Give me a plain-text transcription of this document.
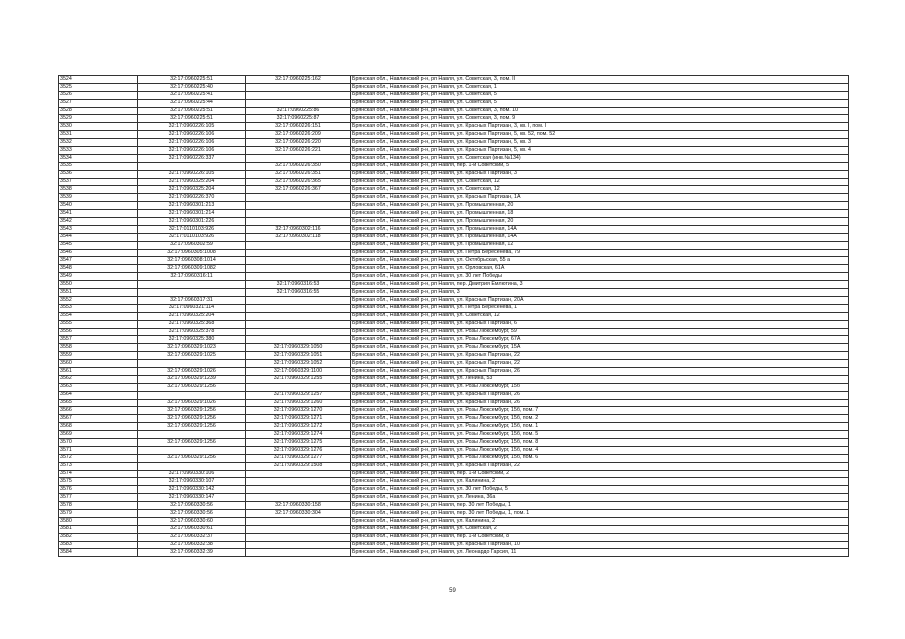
3524	32:17:0960225:51	32:17:0960225:162	Брянская обл., Навлинский р-н, рп Навля, ул. Советская, 3, пом. II
3525	32:17:0960225:40		Брянская обл., Навлинский р-н, рп Навля, ул. Советская, 1
3526	32:17:0960225:41		Брянская обл., Навлинский р-н, рп Навля, ул. Советская, 5
3527	32:17:0960225:44		Брянская обл., Навлинский р-н, рп Навля, ул. Советская, 5
3528	32:17:0960225:51	32:17:0960225:86	Брянская обл., Навлинский р-н, рп Навля, ул. Советская, 3, пом. 10
3529	32:17:0960225:51	32:17:0960225:87	Брянская обл., Навлинский р-н, рп Навля, ул. Советская, 3, пом. 9
3530	32:17:0960226:105	32:17:0960226:151	Брянская обл., Навлинский р-н, рп Навля, ул. Красных Партизан, 3, кв. I, пом. I
3531	32:17:0960226:106	32:17:0960226:209	Брянская обл., Навлинский р-н, рп Навля, ул. Красных Партизан, 5, кв. 52, пом. 52
3532	32:17:0960226:106	32:17:0960226:220	Брянская обл., Навлинский р-н, рп Навля, ул. Красных Партизан, 5, кв. 3
3533	32:17:0960226:106	32:17:0960226:221	Брянская обл., Навлинский р-н, рп Навля, ул. Красных Партизан, 5, кв. 4
3534	32:17:0960226:337		Брянская обл., Навлинский р-н, рп Навля, ул. Советская (инв.№134)
3535		32:17:0960226:350	Брянская обл., Навлинский р-н, рп Навля, пер. 1-й Советский, 5
3536	32:17:0960226:105	32:17:0960226:351	Брянская обл., Навлинский р-н, рп Навля, ул. Красных Партизан, 3
3537	32:17:0960325:204	32:17:0960226:365	Брянская обл., Навлинский р-н, рп Навля, ул. Советская, 12
3538	32:17:0960325:204	32:17:0960226:367	Брянская обл., Навлинский р-н, рп Навля, ул. Советская, 12
3539	32:17:0960226:370		Брянская обл., Навлинский р-н, рп Навля, ул. Красных Партизан, 1А
3540	32:17:0960301:213		Брянская обл., Навлинский р-н, рп Навля, ул. Промышленная, 20
3541	32:17:0960301:214		Брянская обл., Навлинский р-н, рп Навля, ул. Промышленная, 18
3542	32:17:0960301:226		Брянская обл., Навлинский р-н, рп Навля, ул. Промышленная, 20
3543	32:17:0110103:926	32:17:0960302:116	Брянская обл., Навлинский р-н, рп Навля, ул. Промышленная, 14А
3544	32:17:0110103:926	32:17:0960302:118	Брянская обл., Навлинский р-н, рп Навля, ул. Промышленная, 14А
3545	32:17:0960302:59		Брянская обл., Навлинский р-н, рп Навля, ул. Промышленная, 12
3546	32:17:0960305:1008		Брянская обл., Навлинский р-н, рп Навля, ул. Петра Бересенева, 79
3547	32:17:0960308:1014		Брянская обл., Навлинский р-н, рп Навля, ул. Октябрьская, 55 а
3548	32:17:0960309:1082		Брянская обл., Навлинский р-н, рп Навля, ул. Орловская, 61А
3549	32:17:0960316:11		Брянская обл., Навлинский р-н, рп Навля, ул. 30 лет Победы
3550		32:17:0960316:53	Брянская обл., Навлинский р-н, рп Навля, пер. Дмитрия Емлютина, 3
3551		32:17:0960316:55	Брянская обл., Навлинский р-н, рп Навля, 3
3552	32:17:0960317:31		Брянская обл., Навлинский р-н, рп Навля, ул. Красных Партизан, 20А
3553	32:17:0960321:114		Брянская обл., Навлинский р-н, рп Навля, ул. Петра Бересенева, 1
3554	32:17:0960325:204		Брянская обл., Навлинский р-н, рп Навля, ул. Советская, 12
3555	32:17:0960325:368		Брянская обл., Навлинский р-н, рп Навля, ул. Красных Партизан, 6
3556	32:17:0960325:378		Брянская обл., Навлинский р-н, рп Навля, ул. Розы Люксембург, 59
3557	32:17:0960325:380		Брянская обл., Навлинский р-н, рп Навля, ул. Розы Люксембург, 67А
3558	32:17:0960329:1023	32:17:0960329:1050	Брянская обл., Навлинский р-н, рп Навля, ул. Розы Люксембург, 15А
3559	32:17:0960329:1025	32:17:0960329:1051	Брянская обл., Навлинский р-н, рп Навля, ул. Красных Партизан, 22
3560		32:17:0960329:1052	Брянская обл., Навлинский р-н, рп Навля, ул. Красных Партизан, 22
3561	32:17:0960329:1026	32:17:0960329:1100	Брянская обл., Навлинский р-н, рп Навля, ул. Красных Партизан, 26
3562	32:17:0960329:1239	32:17:0960329:1255	Брянская обл., Навлинский р-н, рп Навля, ул. Ленина, 53
3563	32:17:0960329:1256		Брянская обл., Навлинский р-н, рп Навля, ул. Розы Люксембург, 15б
3564		32:17:0960329:1257	Брянская обл., Навлинский р-н, рп Навля, ул. Красных Партизан, 26
3565	32:17:0960329:1026	32:17:0960329:1260	Брянская обл., Навлинский р-н, рп Навля, ул. Красных Партизан, 26
3566	32:17:0960329:1256	32:17:0960329:1270	Брянская обл., Навлинский р-н, рп Навля, ул. Розы Люксембург, 15б, пом. 7
3567	32:17:0960329:1256	32:17:0960329:1271	Брянская обл., Навлинский р-н, рп Навля, ул. Розы Люксембург, 15б, пом. 2
3568	32:17:0960329:1256	32:17:0960329:1272	Брянская обл., Навлинский р-н, рп Навля, ул. Розы Люксембург, 15б, пом. 1
3569		32:17:0960329:1274	Брянская обл., Навлинский р-н, рп Навля, ул. Розы Люксембург, 15б, пом. 5
3570	32:17:0960329:1256	32:17:0960329:1275	Брянская обл., Навлинский р-н, рп Навля, ул. Розы Люксембург, 15б, пом. 8
3571		32:17:0960329:1276	Брянская обл., Навлинский р-н, рп Навля, ул. Розы Люксембург, 15б, пом. 4
3572	32:17:0960329:1256	32:17:0960329:1277	Брянская обл., Навлинский р-н, рп Навля, ул. Розы Люксембург, 15б, пом. 6
3573		32:17:0960329:1508	Брянская обл., Навлинский р-н, рп Навля, ул. Красных Партизан, 22
3574	32:17:0960330:106		Брянская обл., Навлинский р-н, рп Навля, пер. 1-й Советский, 2
3575	32:17:0960330:107		Брянская обл., Навлинский р-н, рп Навля, ул. Калинина, 2
3576	32:17:0960330:142		Брянская обл., Навлинский р-н, рп Навля, ул. 30 лет Победы, 5
3577	32:17:0960330:147		Брянская обл., Навлинский р-н, рп Навля, ул. Ленина, 36а
3578	32:17:0960330:56	32:17:0960330:158	Брянская обл., Навлинский р-н, рп Навля, пер. 30 лет Победы, 1
3579	32:17:0960330:56	32:17:0960330:304	Брянская обл., Навлинский р-н, рп Навля, пер. 30 лет Победы, 1, пом. 1
3580	32:17:0960330:60		Брянская обл., Навлинский р-н, рп Навля, ул. Калинина, 2
3581	32:17:0960330:61		Брянская обл., Навлинский р-н, рп Навля, ул. Советская, 2
3582	32:17:0960332:37		Брянская обл., Навлинский р-н, рп Навля, пер. 1-й Советский, 8
3583	32:17:0960332:38		Брянская обл., Навлинский р-н, рп Навля, ул. Красных Партизан, 10
3584	32:17:0960332:39		Брянская обл., Навлинский р-н, рп Навля, ул. Леонардо Гарсия, 11
59
